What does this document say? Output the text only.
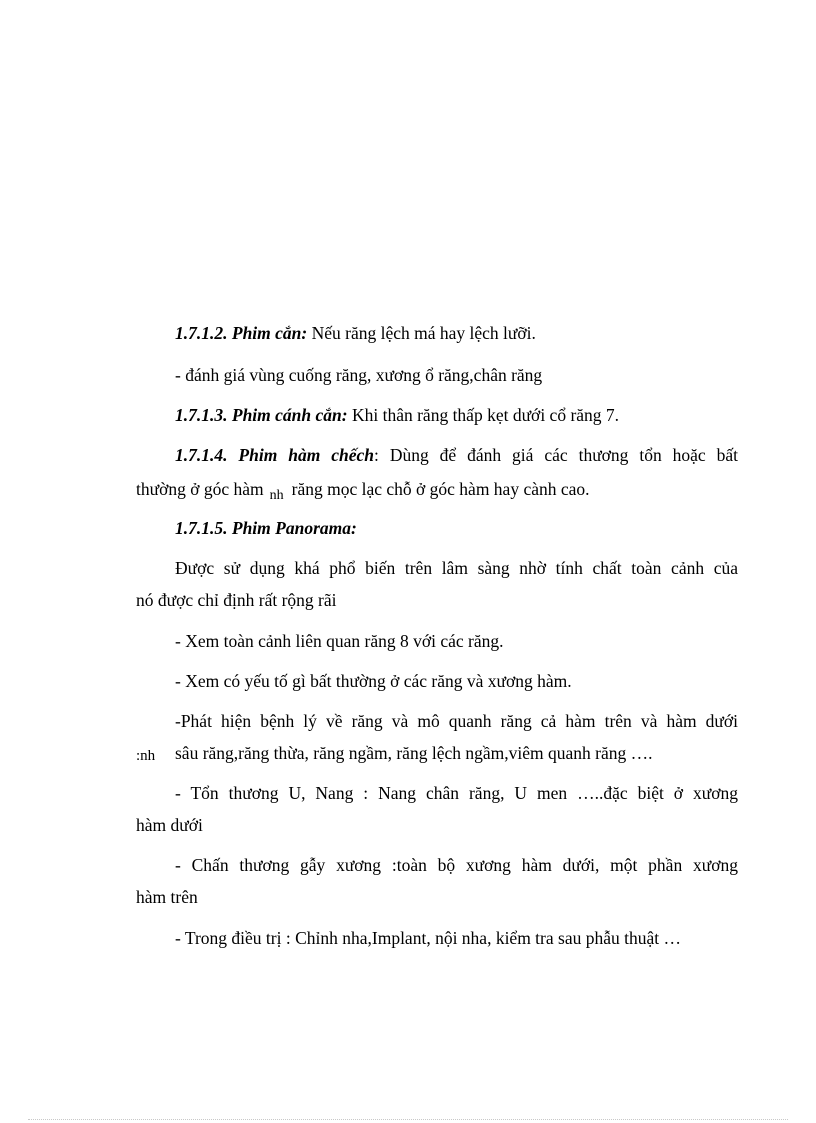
1.7.1.2. Phim cắn: Nếu răng lệch má hay lệch lưỡi.
- đánh giá vùng cuống răng, xương ổ răng,chân răng
1.7.1.3. Phim cánh cắn: Khi thân răng thấp kẹt dưới cổ răng 7.
1.7.1.4. Phim hàm chếch: Dùng để đánh giá các thương tổn hoặc bất
thường ở góc hàm $_{nh}$ răng mọc lạc chỗ ở góc hàm hay cành cao.
1.7.1.5. Phim Panorama:
Được sử dụng khá phổ biến trên lâm sàng nhờ tính chất toàn cảnh của
nó được chỉ định rất rộng rãi
- Xem toàn cảnh liên quan răng 8 với các răng.
- Xem có yếu tố gì bất thường ở các răng và xương hàm.
-Phát hiện bệnh lý về răng và mô quanh răng cả hàm trên và hàm dưới
:nh sâu răng,răng thừa, răng ngầm, răng lệch ngầm,viêm quanh răng ….
- Tổn thương U, Nang : Nang chân răng, U men …..đặc biệt ở xương
hàm dưới
- Chấn thương gẫy xương :toàn bộ xương hàm dưới, một phần xương
hàm trên
- Trong điều trị : Chỉnh nha,Implant, nội nha, kiểm tra sau phẫu thuật …
